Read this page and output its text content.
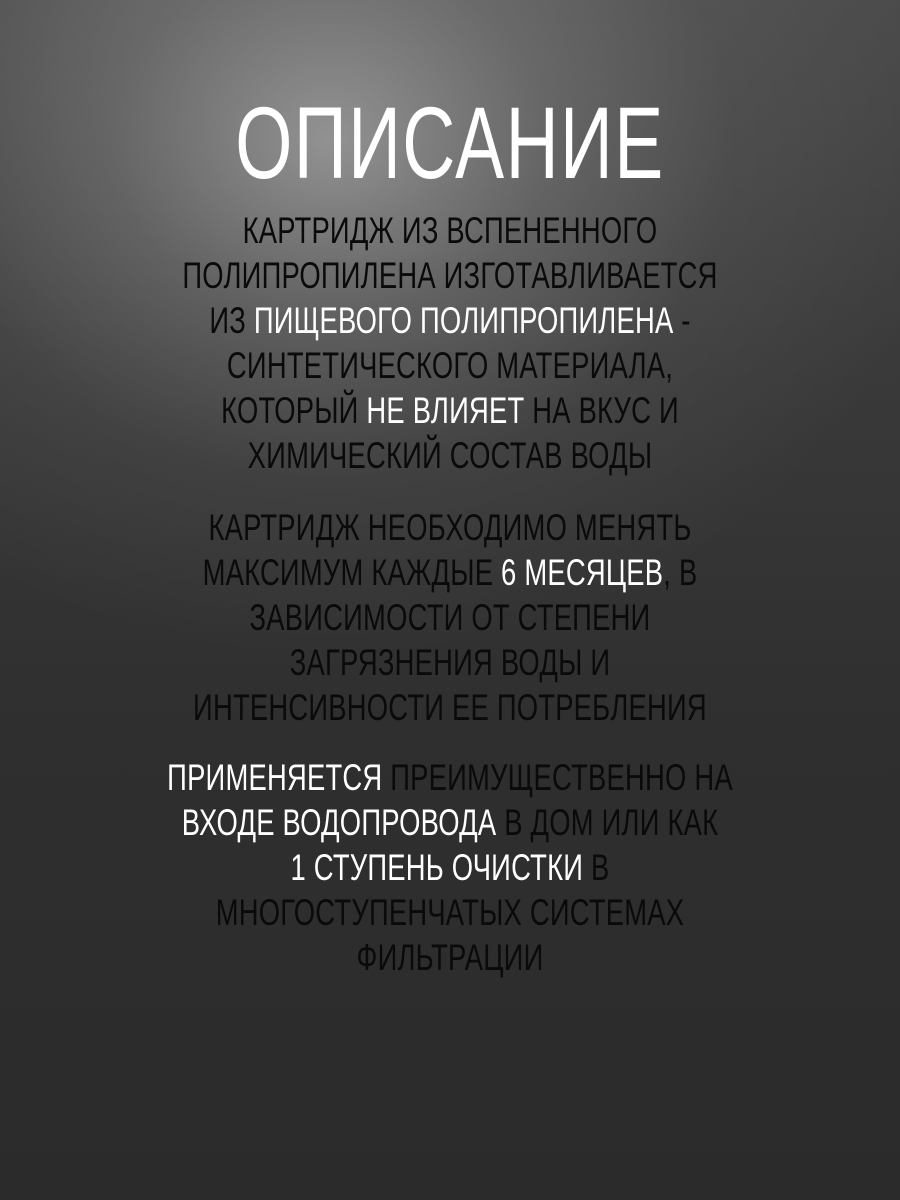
ОПИСАНИЕ

КАРТРИДЖ ИЗ ВСПЕНЕННОГО
ПОЛИПРОПИЛЕНА ИЗГОТАВЛИВАЕТСЯ
ИЗ ПИЩЕВОГО ПОЛИПРОПИЛЕНА -
СИНТЕТИЧЕСКОГО МАТЕРИАЛА,
КОТОРЫЙ НЕ ВЛИЯЕТ НА ВКУС И
ХИМИЧЕСКИЙ СОСТАВ ВОДЫ

КАРТРИДЖ НЕОБХОДИМО МЕНЯТЬ
МАКСИМУМ КАЖДЫЕ 6 МЕСЯЦЕВ, В
ЗАВИСИМОСТИ ОТ СТЕПЕНИ
ЗАГРЯЗНЕНИЯ ВОДЫ И
ИНТЕНСИВНОСТИ ЕЕ ПОТРЕБЛЕНИЯ

ПРИМЕНЯЕТСЯ ПРЕИМУЩЕСТВЕННО НА
ВХОДЕ ВОДОПРОВОДА В ДОМ ИЛИ КАК
1 СТУПЕНЬ ОЧИСТКИ В
МНОГОСТУПЕНЧАТЫХ СИСТЕМАХ
ФИЛЬТРАЦИИ
